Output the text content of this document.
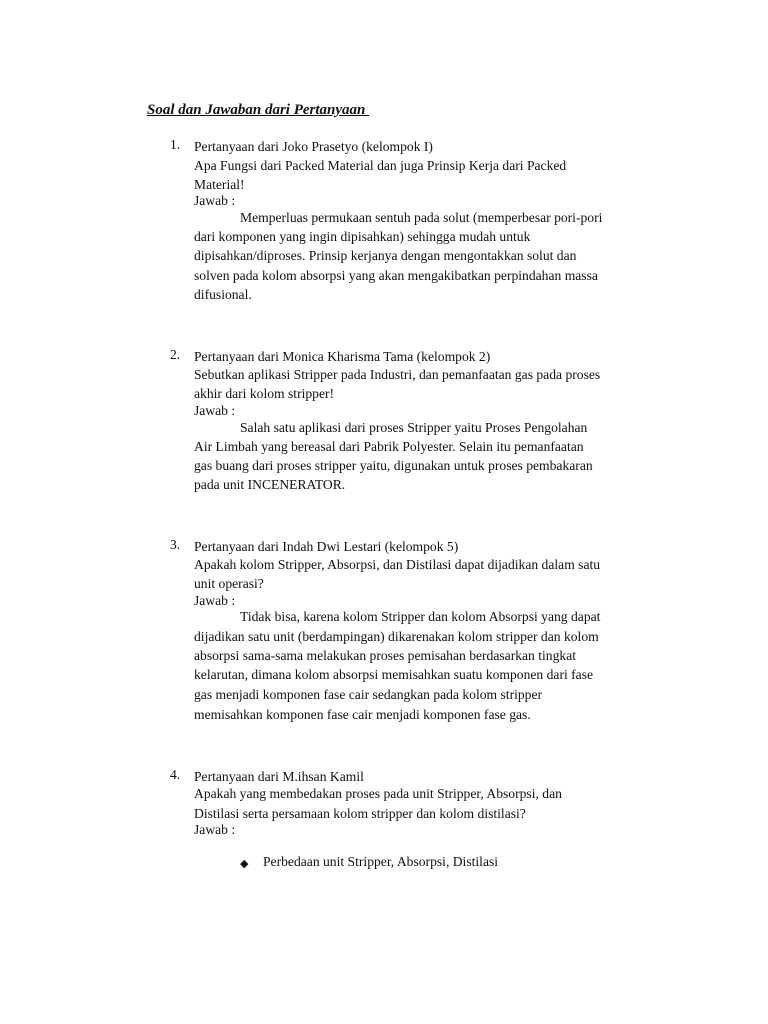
Soal dan Jawaban dari Pertanyaan
1. Pertanyaan dari Joko Prasetyo (kelompok I)
Apa Fungsi dari Packed Material dan juga Prinsip Kerja dari Packed
Material!
Jawab :
Memperluas permukaan sentuh pada solut (memperbesar pori-pori
dari komponen yang ingin dipisahkan) sehingga mudah untuk
dipisahkan/diproses. Prinsip kerjanya dengan mengontakkan solut dan
solven pada kolom absorpsi yang akan mengakibatkan perpindahan massa
difusional.
2. Pertanyaan dari Monica Kharisma Tama (kelompok 2)
Sebutkan aplikasi Stripper pada Industri, dan pemanfaatan gas pada proses
akhir dari kolom stripper!
Jawab :
Salah satu aplikasi dari proses Stripper yaitu Proses Pengolahan
Air Limbah yang bereasal dari Pabrik Polyester. Selain itu pemanfaatan
gas buang dari proses stripper yaitu, digunakan untuk proses pembakaran
pada unit INCENERATOR.
3. Pertanyaan dari Indah Dwi Lestari (kelompok 5)
Apakah kolom Stripper, Absorpsi, dan Distilasi dapat dijadikan dalam satu
unit operasi?
Jawab :
Tidak bisa, karena kolom Stripper dan kolom Absorpsi yang dapat
dijadikan satu unit (berdampingan) dikarenakan kolom stripper dan kolom
absorpsi sama-sama melakukan proses pemisahan berdasarkan tingkat
kelarutan, dimana kolom absorpsi memisahkan suatu komponen dari fase
gas menjadi komponen fase cair sedangkan pada kolom stripper
memisahkan komponen fase cair menjadi komponen fase gas.
4. Pertanyaan dari M.ihsan Kamil
Apakah yang membedakan proses pada unit Stripper, Absorpsi, dan
Distilasi serta persamaan kolom stripper dan kolom distilasi?
Jawab :
◆ Perbedaan unit Stripper, Absorpsi, Distilasi
